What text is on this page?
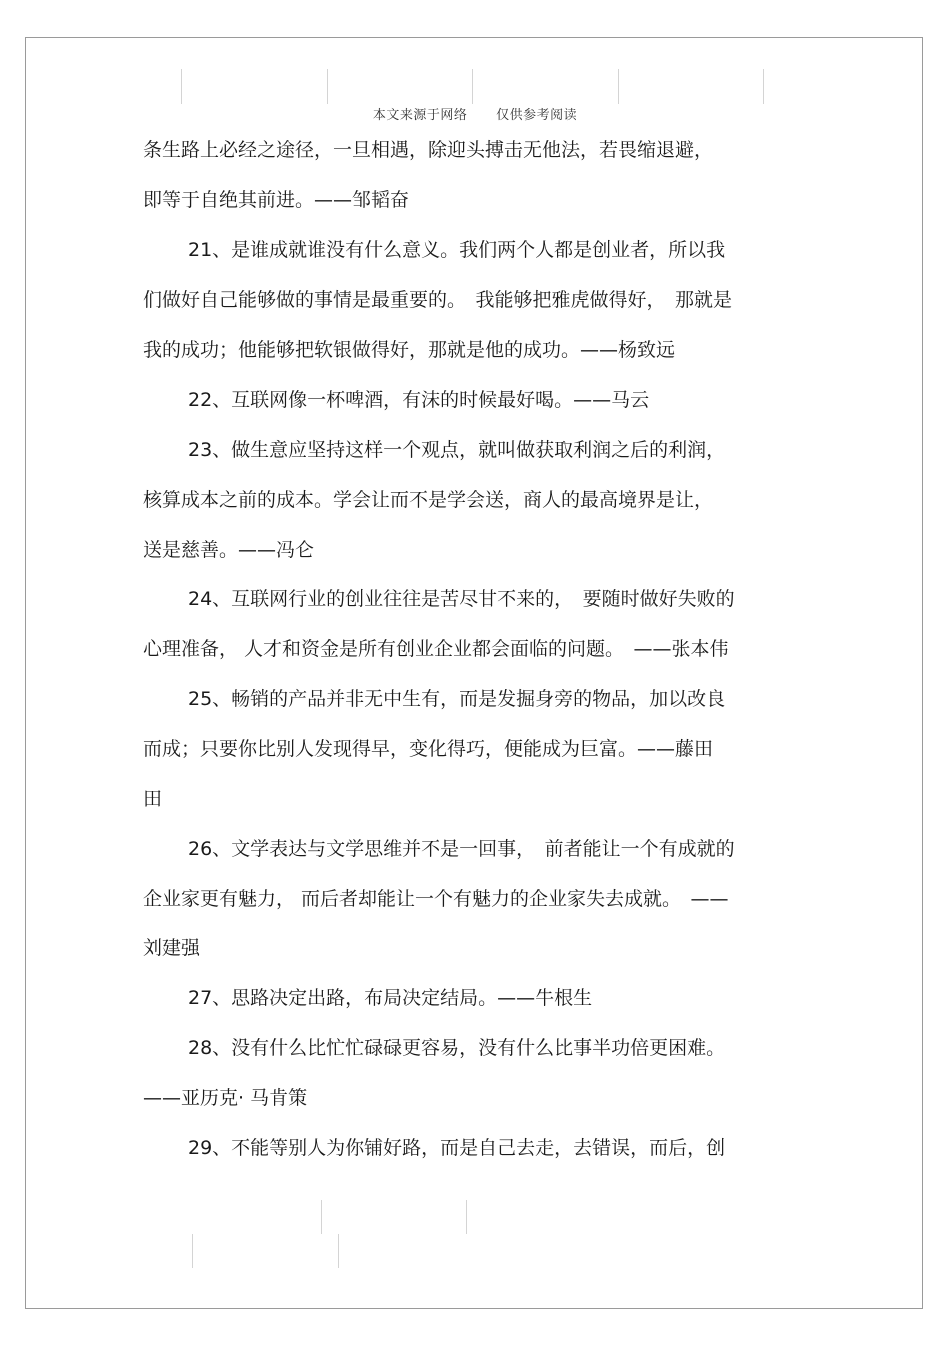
本文来源于网络 仅供参考阅读
条生路上必经之途径，一旦相遇，除迎头搏击无他法，若畏缩退避，
即等于自绝其前进。——邹韬奋
21、是谁成就谁没有什么意义。我们两个人都是创业者，所以我
们做好自己能够做的事情是最重要的。　我能够把雅虎做得好，　那就是
我的成功；他能够把软银做得好，那就是他的成功。——杨致远
22、互联网像一杯啤酒，有沫的时候最好喝。——马云
23、做生意应坚持这样一个观点，就叫做获取利润之后的利润，
核算成本之前的成本。学会让而不是学会送，商人的最高境界是让，
送是慈善。——冯仑
24、互联网行业的创业往往是苦尽甘不来的，　要随时做好失败的
心理准备， 人才和资金是所有创业企业都会面临的问题。　——张本伟
25、畅销的产品并非无中生有，而是发掘身旁的物品，加以改良
而成；只要你比别人发现得早，变化得巧，便能成为巨富。——藤田
田
26、文学表达与文学思维并不是一回事，　前者能让一个有成就的
企业家更有魅力， 而后者却能让一个有魅力的企业家失去成就。　——
刘建强
27、思路决定出路，布局决定结局。——牛根生
28、没有什么比忙忙碌碌更容易，没有什么比事半功倍更困难。
——亚历克· 马肯策
29、不能等别人为你铺好路，而是自己去走，去错误，而后，创
